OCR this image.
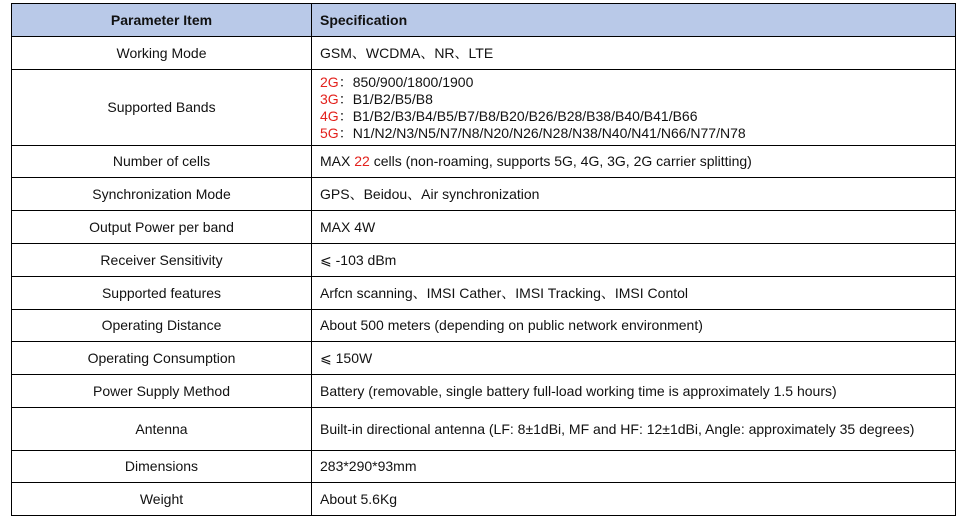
Parameter Item	Specification
Working Mode	GSM、WCDMA、NR、LTE
Supported Bands	2G：850/900/1800/1900
3G：B1/B2/B5/B8
4G：B1/B2/B3/B4/B5/B7/B8/B20/B26/B28/B38/B40/B41/B66
5G：N1/N2/N3/N5/N7/N8/N20/N26/N28/N38/N40/N41/N66/N77/N78

Number of cells	MAX 22 cells (non-roaming, supports 5G, 4G, 3G, 2G carrier splitting)
Synchronization Mode	GPS、Beidou、Air synchronization
Output Power per band	MAX 4W
Receiver Sensitivity	⩽ -103 dBm
Supported features	Arfcn scanning、IMSI Cather、IMSI Tracking、IMSI Contol
Operating Distance	About 500 meters (depending on public network environment)
Operating Consumption	⩽ 150W
Power Supply Method	Battery (removable, single battery full-load working time is approximately 1.5 hours)
Antenna	Built-in directional antenna (LF: 8±1dBi, MF and HF: 12±1dBi, Angle: approximately 35 degrees)
Dimensions	283*290*93mm
Weight	About 5.6Kg
